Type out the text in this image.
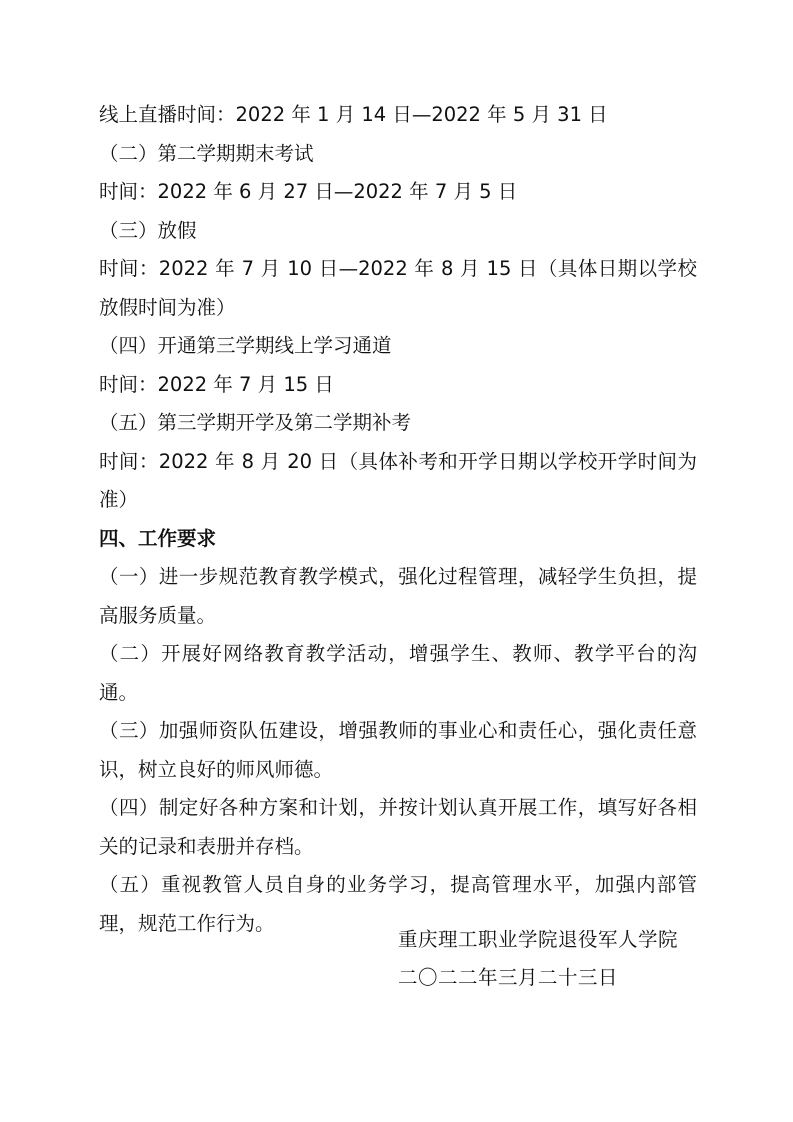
线上直播时间：2022 年 1 月 14 日—2022 年 5 月 31 日
（二）第二学期期末考试
时间：2022 年 6 月 27 日—2022 年 7 月 5 日
（三）放假
时间：2022 年 7 月 10 日—2022 年 8 月 15 日（具体日期以学校放假时间为准）
（四）开通第三学期线上学习通道
时间：2022 年 7 月 15 日
（五）第三学期开学及第二学期补考
时间：2022 年 8 月 20 日（具体补考和开学日期以学校开学时间为准）
四、工作要求
（一）进一步规范教育教学模式，强化过程管理，减轻学生负担，提高服务质量。
（二）开展好网络教育教学活动，增强学生、教师、教学平台的沟通。
（三）加强师资队伍建设，增强教师的事业心和责任心，强化责任意识，树立良好的师风师德。
（四）制定好各种方案和计划，并按计划认真开展工作，填写好各相关的记录和表册并存档。
（五）重视教管人员自身的业务学习，提高管理水平，加强内部管理，规范工作行为。
重庆理工职业学院退役军人学院
二〇二二年三月二十三日
